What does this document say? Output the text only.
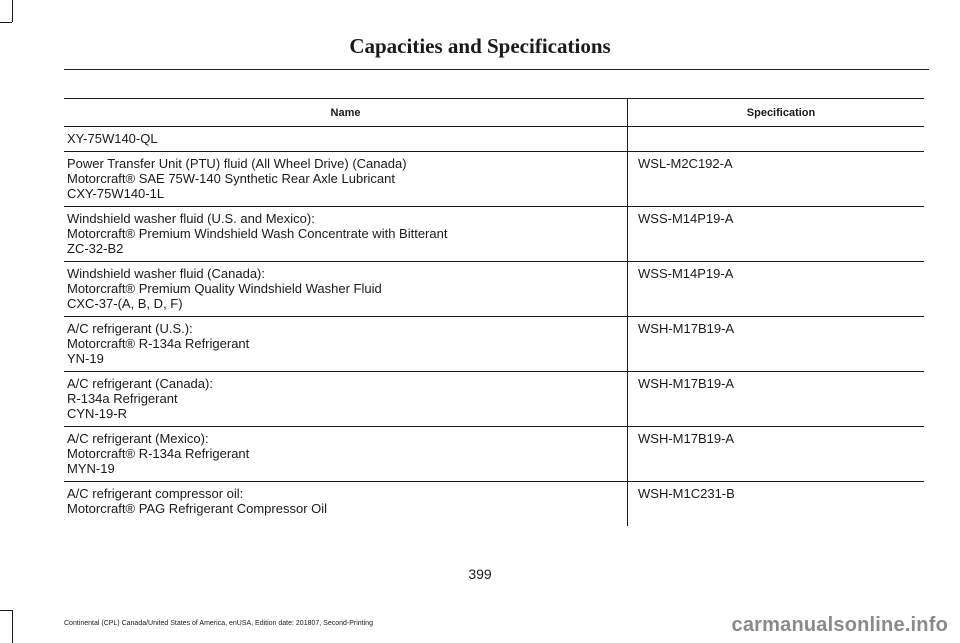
Capacities and Specifications
Name	Specification

XY-75W140-QL	

Power Transfer Unit (PTU) fluid (All Wheel Drive) (Canada)
Motorcraft® SAE 75W-140 Synthetic Rear Axle Lubricant
CXY-75W140-1L	WSL-M2C192-A

Windshield washer fluid (U.S. and Mexico):
Motorcraft® Premium Windshield Wash Concentrate with Bitterant
ZC-32-B2	WSS-M14P19-A

Windshield washer fluid (Canada):
Motorcraft® Premium Quality Windshield Washer Fluid
CXC-37-(A, B, D, F)	WSS-M14P19-A

A/C refrigerant (U.S.):
Motorcraft® R-134a Refrigerant
YN-19	WSH-M17B19-A

A/C refrigerant (Canada):
R-134a Refrigerant
CYN-19-R	WSH-M17B19-A

A/C refrigerant (Mexico):
Motorcraft® R-134a Refrigerant
MYN-19	WSH-M17B19-A

A/C refrigerant compressor oil:
Motorcraft® PAG Refrigerant Compressor Oil	WSH-M1C231-B
399
Continental (CPL) Canada/United States of America, enUSA, Edition date: 201807, Second-Printing	carmanualsonline.info
